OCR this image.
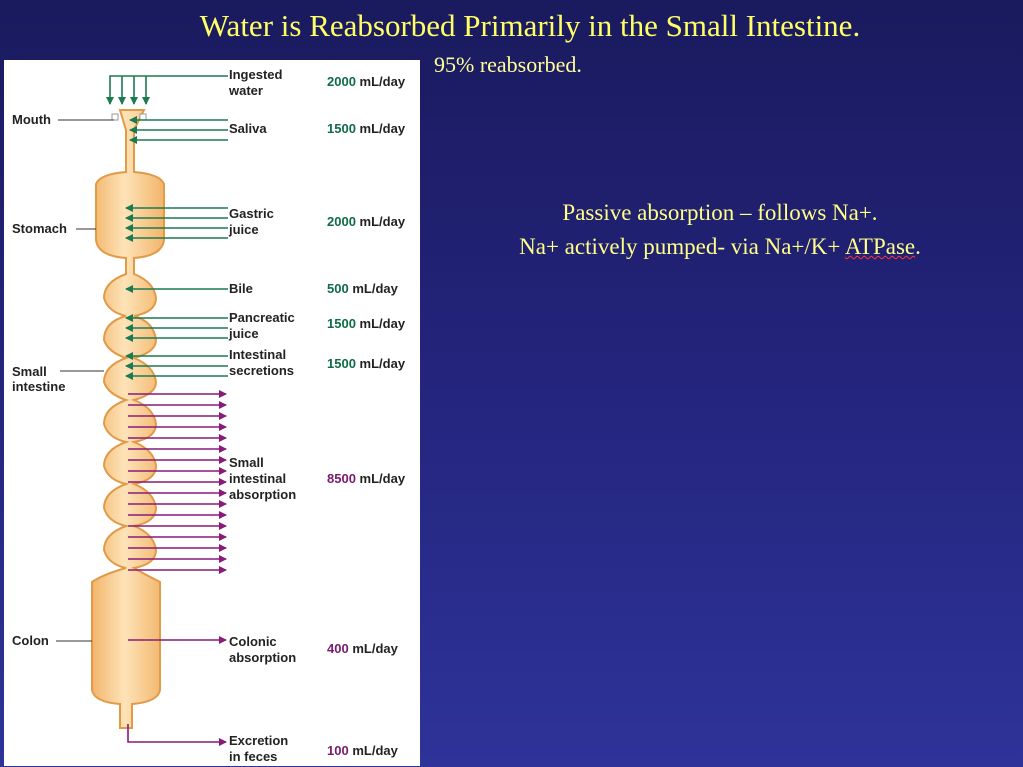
Water is Reabsorbed Primarily in the Small Intestine.
95% reabsorbed.
Passive absorption – follows Na+.
Na+ actively pumped- via Na+/K+ ATPase.
Mouth
Stomach
Small
intestine
Colon
Ingested
water
Saliva
Gastric
juice
Bile
Pancreatic
juice
Intestinal
secretions
Small
intestinal
absorption
Colonic
absorption
Excretion
in feces
2000 mL/day
1500 mL/day
2000 mL/day
500 mL/day
1500 mL/day
1500 mL/day
8500 mL/day
400 mL/day
100 mL/day
